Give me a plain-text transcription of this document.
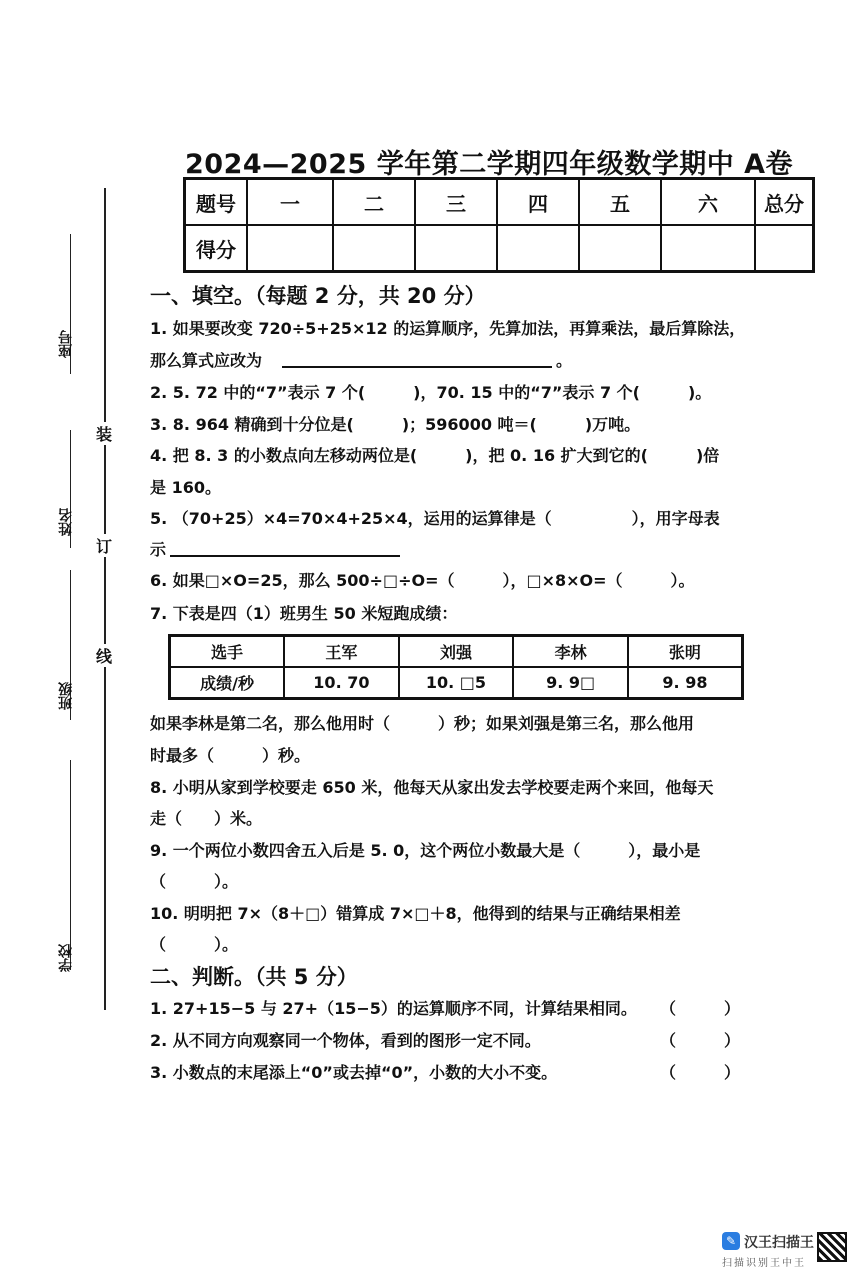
2024—2025 学年第二学期四年级数学期中 A卷
题号	一	二	三	四	五	六	总分
得分							
座号
姓名
班级
学校
装
订
线
一、填空。（每题 2 分，共 20 分）
1. 如果要改变 720÷5+25×12 的运算顺序，先算加法，再算乘法，最后算除法，
那么算式应改为	。
2. 5. 72 中的“7”表示 7 个(　　　)，70. 15 中的“7”表示 7 个(　　　)。
3. 8. 964 精确到十分位是(　　　)；596000 吨＝(　　　)万吨。
4. 把 8. 3 的小数点向左移动两位是(　　　)，把 0. 16 扩大到它的(　　　)倍
是 160。
5. （70+25）×4=70×4+25×4，运用的运算律是（　　　　　），用字母表
示
6. 如果□×O=25，那么 500÷□÷O=（　　　），□×8×O=（　　　）。
7. 下表是四（1）班男生 50 米短跑成绩：
选手	王军	刘强	李林	张明
成绩/秒	10. 70	10. □5	9. 9□	9. 98
如果李林是第二名，那么他用时（　　　）秒；如果刘强是第三名，那么他用
时最多（　　　）秒。
8. 小明从家到学校要走 650 米，他每天从家出发去学校要走两个来回，他每天
走（　　）米。
9. 一个两位小数四舍五入后是 5. 0，这个两位小数最大是（　　　），最小是
（　　　）。
10. 明明把 7×（8＋□）错算成 7×□＋8，他得到的结果与正确结果相差
（　　　）。
二、判断。（共 5 分）
1. 27+15−5 与 27+（15−5）的运算顺序不同，计算结果相同。 （　　　）
2. 从不同方向观察同一个物体，看到的图形一定不同。	（　　　）
3. 小数点的末尾添上“0”或去掉“0”，小数的大小不变。	（　　　）
✎ 汉王扫描王
扫描识别王中王
